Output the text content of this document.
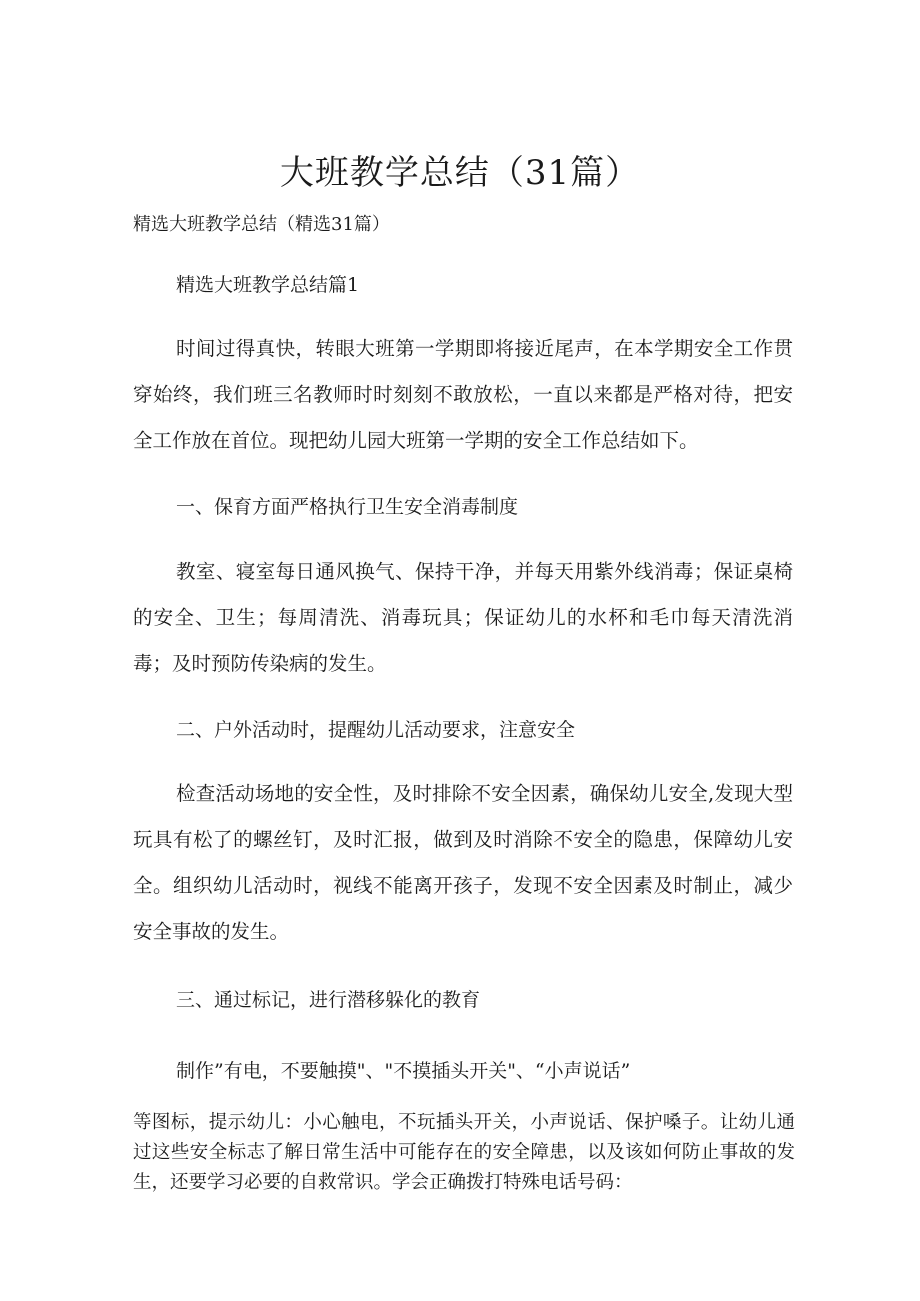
大班教学总结（31篇）

精选大班教学总结（精选31篇）

精选大班教学总结篇1

时间过得真快，转眼大班第一学期即将接近尾声，在本学期安全工作贯穿始终，我们班三名教师时时刻刻不敢放松，一直以来都是严格对待，把安全工作放在首位。现把幼儿园大班第一学期的安全工作总结如下。

一、保育方面严格执行卫生安全消毒制度

教室、寝室每日通风换气、保持干净，并每天用紫外线消毒；保证桌椅的安全、卫生；每周清洗、消毒玩具；保证幼儿的水杯和毛巾每天清洗消毒；及时预防传染病的发生。

二、户外活动时，提醒幼儿活动要求，注意安全

检查活动场地的安全性，及时排除不安全因素，确保幼儿安全,发现大型玩具有松了的螺丝钉，及时汇报，做到及时消除不安全的隐患，保障幼儿安全。组织幼儿活动时，视线不能离开孩子，发现不安全因素及时制止，减少安全事故的发生。

三、通过标记，进行潜移躲化的教育

制作”有电，不要触摸"、"不摸插头开关"、“小声说话”

等图标，提示幼儿：小心触电，不玩插头开关，小声说话、保护嗓子。让幼儿通过这些安全标志了解日常生活中可能存在的安全障患，以及该如何防止事故的发生，还要学习必要的自救常识。学会正确拨打特殊电话号码：
